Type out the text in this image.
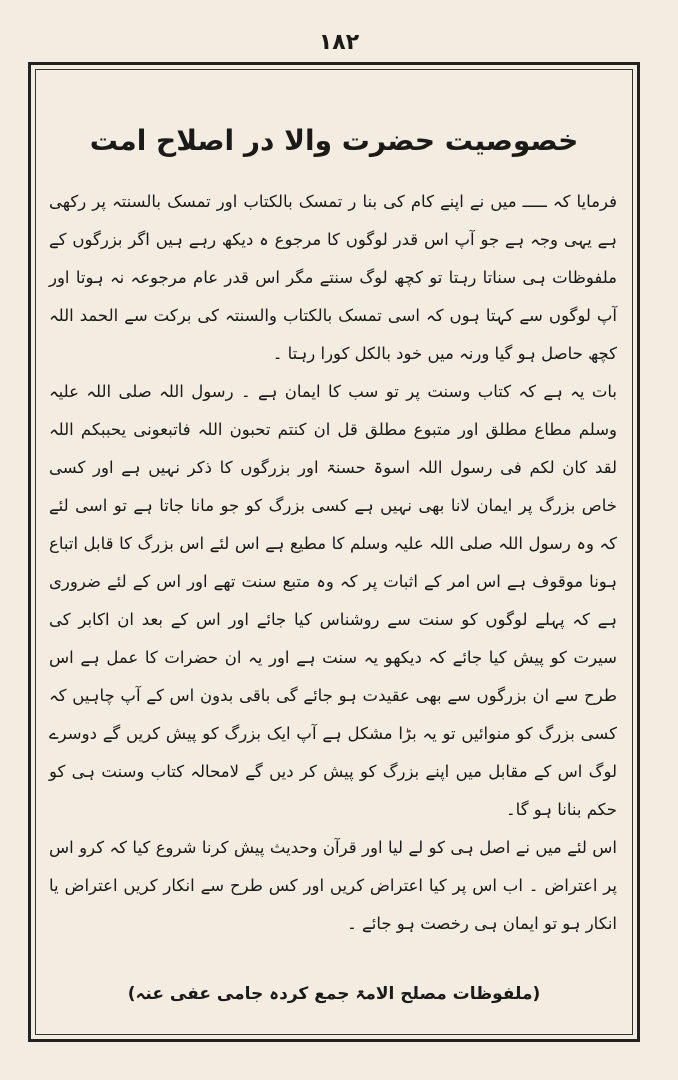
۱۸۲
خصوصیت حضرت والا در اصلاح امت

فرمایا کہ ـــــ میں نے اپنے کام کی بنا ر تمسک بالکتاب اور تمسک بالسنتہ پر رکھی ہے یہی وجہ ہے جو آپ اس قدر لوگوں کا مرجوع ہ دیکھ رہے ہیں اگر بزرگوں کے ملفوظات ہی سناتا رہتا تو کچھ لوگ سنتے مگر اس قدر عام مرجوعہ نہ ہوتا اور آپ لوگوں سے کہتا ہوں کہ اسی تمسک بالکتاب والسنتہ کی برکت سے الحمد اللہ کچھ حاصل ہو گیا ورنہ میں خود بالکل کورا رہتا ۔

بات یہ ہے کہ کتاب وسنت پر تو سب کا ایمان ہے ۔ رسول اللہ صلی اللہ علیہ وسلم مطاع مطلق اور متبوع مطلق قل ان کنتم تحبون اللہ فاتبعونی یحببکم اللہ لقد کان لکم فی رسول اللہ اسوۃ حسنۃ اور بزرگوں کا ذکر نہیں ہے اور کسی خاص بزرگ پر ایمان لانا بھی نہیں ہے کسی بزرگ کو جو مانا جاتا ہے تو اسی لئے کہ وہ رسول اللہ صلی اللہ علیہ وسلم کا مطیع ہے اس لئے اس بزرگ کا قابل اتباع ہونا موقوف ہے اس امر کے اثبات پر کہ وہ متبع سنت تھے اور اس کے لئے ضروری ہے کہ پہلے لوگوں کو سنت سے روشناس کیا جائے اور اس کے بعد ان اکابر کی سیرت کو پیش کیا جائے کہ دیکھو یہ سنت ہے اور یہ ان حضرات کا عمل ہے اس طرح سے ان بزرگوں سے بھی عقیدت ہو جائے گی باقی بدون اس کے آپ چاہیں کہ کسی بزرگ کو منوائیں تو یہ بڑا مشکل ہے آپ ایک بزرگ کو پیش کریں گے دوسرے لوگ اس کے مقابل میں اپنے بزرگ کو پیش کر دیں گے لامحالہ کتاب وسنت ہی کو حکم بنانا ہو گا۔

اس لئے میں نے اصل ہی کو لے لیا اور قرآن وحدیث پیش کرنا شروع کیا کہ کرو اس پر اعتراض ۔ اب اس پر کیا اعتراض کریں اور کس طرح سے انکار کریں اعتراض یا انکار ہو تو ایمان ہی رخصت ہو جائے ۔

(ملفوظات مصلح الامۃ جمع کردہ جامی عفی عنہ)
